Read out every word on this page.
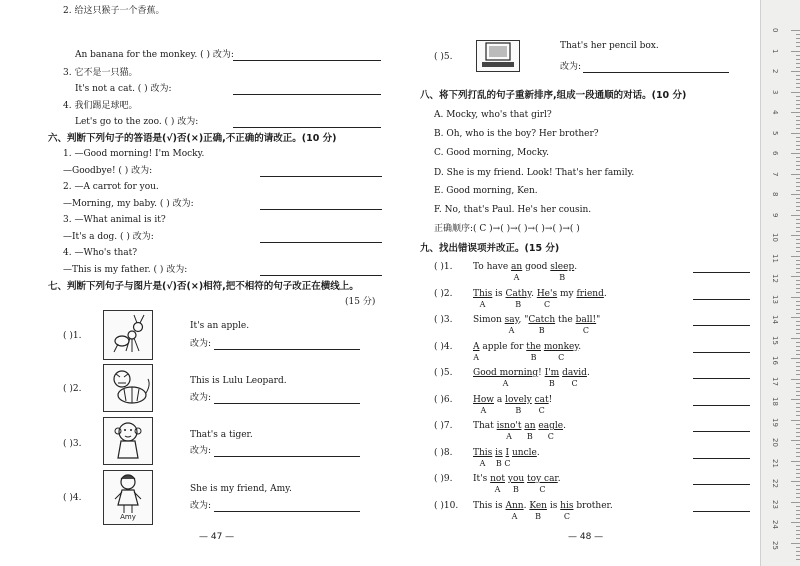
2. 给这只猴子一个香蕉。
An banana for the monkey. ( ) 改为:
3. 它不是一只猫。
It's not a cat. ( ) 改为:
4. 我们踢足球吧。
Let's go to the zoo. ( ) 改为:
六、判断下列句子的答语是(√)否(×)正确,不正确的请改正。(10 分)
1. —Good morning! I'm Mocky.
—Goodbye! ( ) 改为:
2. —A carrot for you.
—Morning, my baby. ( ) 改为:
3. —What animal is it?
—It's a dog. ( ) 改为:
4. —Who's that?
—This is my father. ( ) 改为:
七、判断下列句子与图片是(√)否(×)相符,把不相符的句子改正在横线上。
(15 分)
( )1.
It's an apple.
改为:
( )2.
This is Lulu Leopard.
改为:
( )3.
That's a tiger.
改为:
( )4.
Amy
She is my friend, Amy.
改为:
— 47 —
( )5.
That's her pencil box.
改为:
八、将下列打乱的句子重新排序,组成一段通顺的对话。(10 分)
A. Mocky, who's that girl?
B. Oh, who is the boy? Her brother?
C. Good morning, Mocky.
D. She is my friend. Look! That's her family.
E. Good morning, Ken.
F. No, that's Paul. He's her cousin.
正确顺序:( C )→( )→( )→( )→( )→( )
九、找出错误项并改正。(15 分)
( )1. To have an good sleep.
A	B
( )2. This is Cathy. He's my friend.
A	B	C
( )3. Simon say, "Catch the ball!"
A	B	C
( )4. A apple for the monkey.
A	B	C
( )5. Good morning! I'm david.
A	B C
( )6. How a lovely cat!
A	B C
( )7. That isno't an eagle.
A B C
( )8. This is I uncle.
A B C
( )9. It's not you toy car.
A B	C
( )10. This is Ann. Ken is his brother.
A B	C
— 48 —
0
1
2
3
4
5
6
7
8
9
10
11
12
13
14
15
16
17
18
19
20
21
22
23
24
25
